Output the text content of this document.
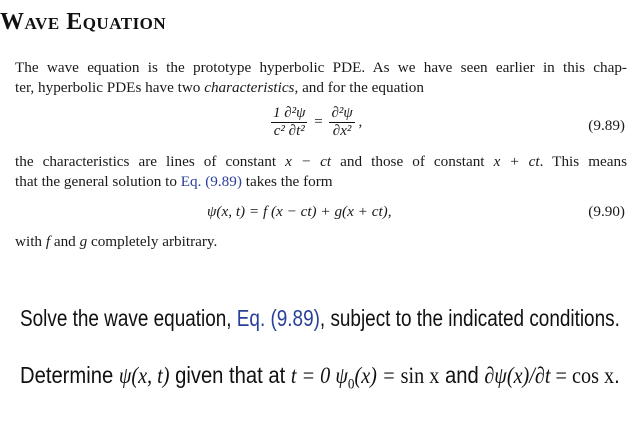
Wave Equation

The wave equation is the prototype hyperbolic PDE. As we have seen earlier in this chap-
ter, hyperbolic PDEs have two characteristics, and for the equation

$\frac{\text{1 ∂²ψ}}{\text{c² ∂t²}} = \frac{\text{∂²ψ}}{\text{∂x²}}$ ,	(9.89)

the characteristics are lines of constant x − ct and those of constant x + ct. This means
that the general solution to Eq. (9.89) takes the form

ψ(x, t) = f (x − ct) + g(x + ct),	(9.90)

with f and g completely arbitrary.

Solve the wave equation, Eq. (9.89), subject to the indicated conditions.

Determine ψ(x, t) given that at t = 0 $\psi_0(x) = \sin x$ and ∂ψ(x)/∂t = cos x.
